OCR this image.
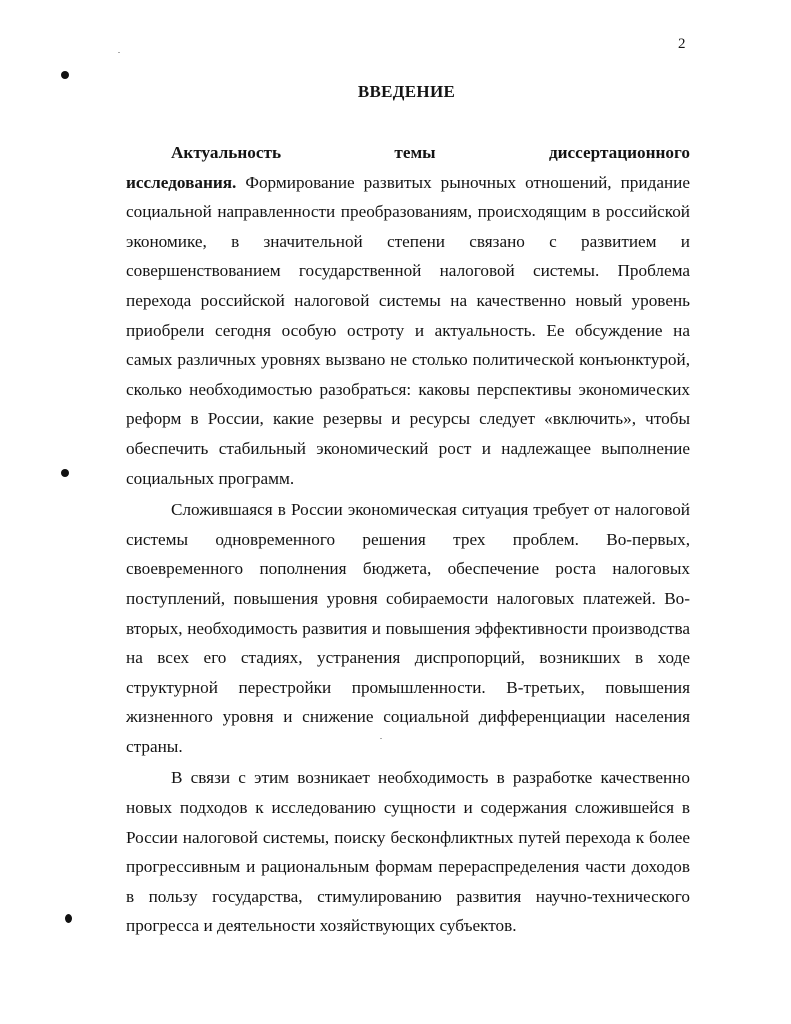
2
ВВЕДЕНИЕ

Актуальность темы диссертационного исследования. Формирование развитых рыночных отношений, придание социальной направленности преобразованиям, происходящим в российской экономике, в значительной степени связано с развитием и совершенствованием государственной налоговой системы. Проблема перехода российской налоговой системы на качественно новый уровень приобрели сегодня особую остроту и актуальность. Ее обсуждение на самых различных уровнях вызвано не столько политической конъюнктурой, сколько необходимостью разобраться: каковы перспективы экономических реформ в России, какие резервы и ресурсы следует «включить», чтобы обеспечить стабильный экономический рост и надлежащее выполнение социальных программ.

Сложившаяся в России экономическая ситуация требует от налоговой системы одновременного решения трех проблем. Во-первых, своевременного пополнения бюджета, обеспечение роста налоговых поступлений, повышения уровня собираемости налоговых платежей. Во-вторых, необходимость развития и повышения эффективности производства на всех его стадиях, устранения диспропорций, возникших в ходе структурной перестройки промышленности. В-третьих, повышения жизненного уровня и снижение социальной дифференциации населения страны.

В связи с этим возникает необходимость в разработке качественно новых подходов к исследованию сущности и содержания сложившейся в России налоговой системы, поиску бесконфликтных путей перехода к более прогрессивным и рациональным формам перераспределения части доходов в пользу государства, стимулированию развития научно-технического прогресса и деятельности хозяйствующих субъектов.
